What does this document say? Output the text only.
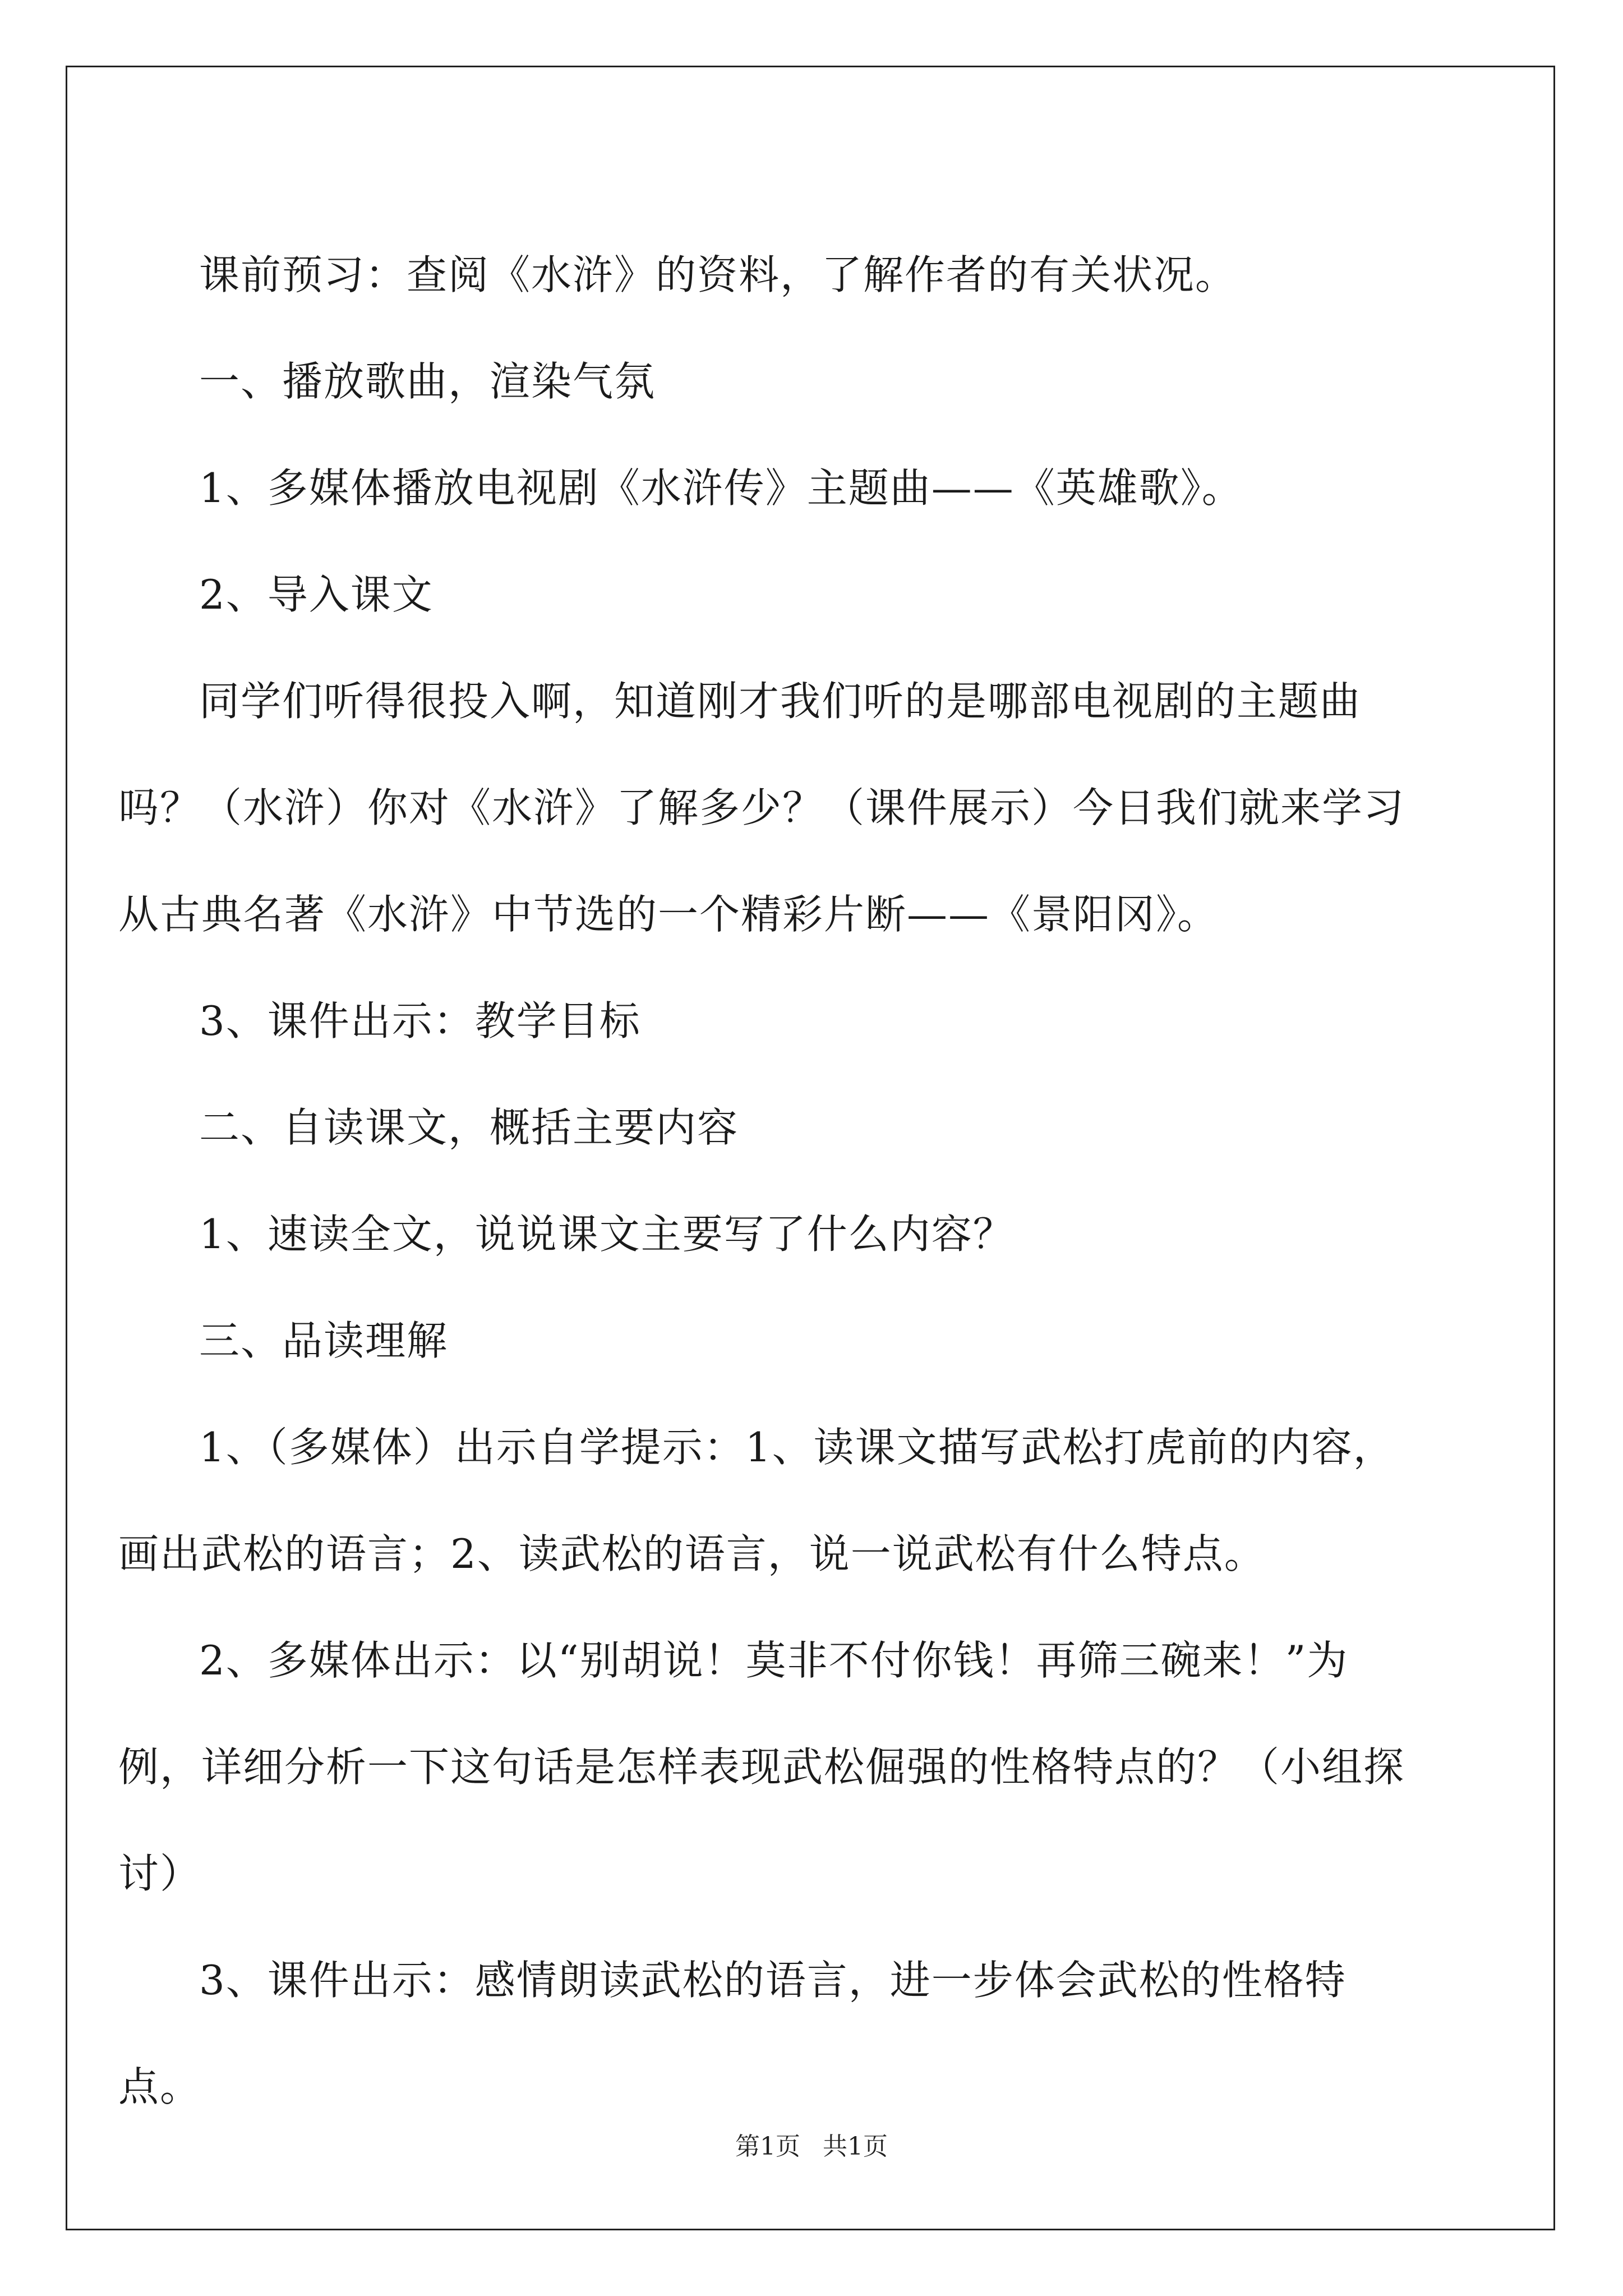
课前预习：查阅《水浒》的资料，了解作者的有关状况。

一、播放歌曲，渲染气氛

1、多媒体播放电视剧《水浒传》主题曲——《英雄歌》。

2、导入课文

同学们听得很投入啊，知道刚才我们听的是哪部电视剧的主题曲吗？（水浒）你对《水浒》了解多少？（课件展示）今日我们就来学习从古典名著《水浒》中节选的一个精彩片断——《景阳冈》。

3、课件出示：教学目标

二、自读课文，概括主要内容

1、速读全文，说说课文主要写了什么内容？

三、品读理解

1、（多媒体）出示自学提示：1、读课文描写武松打虎前的内容，画出武松的语言；2、读武松的语言，说一说武松有什么特点。

2、多媒体出示：以“别胡说！莫非不付你钱！再筛三碗来！”为例，详细分析一下这句话是怎样表现武松倔强的性格特点的？（小组探讨）

3、课件出示：感情朗读武松的语言，进一步体会武松的性格特点。

第1页 共1页
